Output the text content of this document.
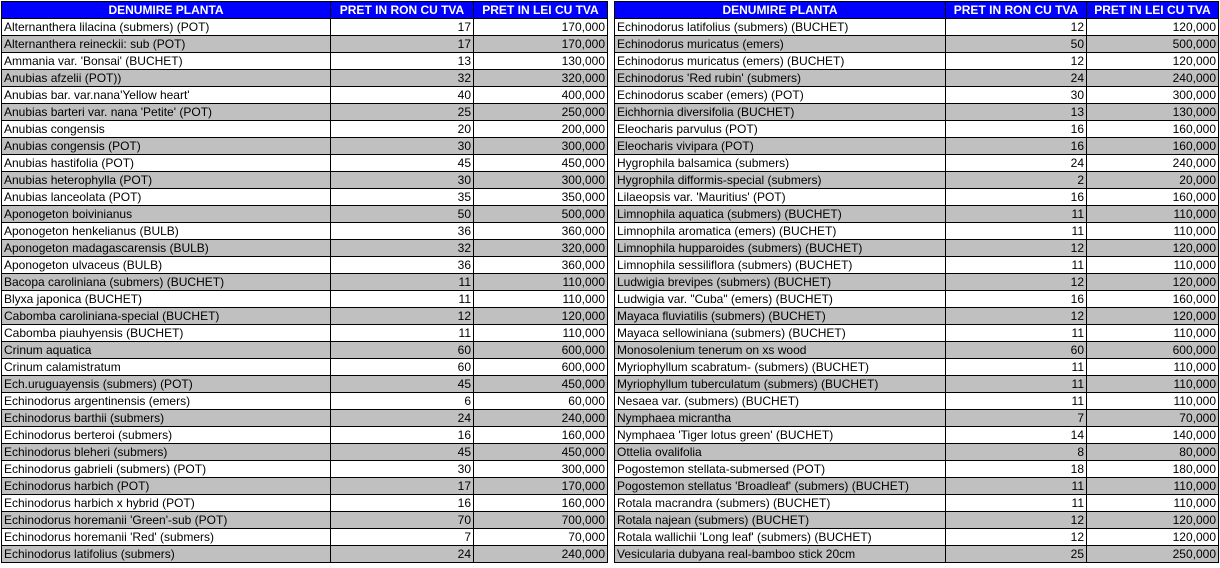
DENUMIRE PLANTA	PRET IN RON CU TVA	PRET IN LEI CU TVA
Alternanthera lilacina (submers) (POT)	17	170,000
Alternanthera reineckii: sub (POT)	17	170,000
Ammania var. 'Bonsai' (BUCHET)	13	130,000
Anubias afzelii (POT))	32	320,000
Anubias bar. var.nana'Yellow heart'	40	400,000
Anubias barteri var. nana 'Petite' (POT)	25	250,000
Anubias congensis	20	200,000
Anubias congensis (POT)	30	300,000
Anubias hastifolia (POT)	45	450,000
Anubias heterophylla (POT)	30	300,000
Anubias lanceolata (POT)	35	350,000
Aponogeton boivinianus	50	500,000
Aponogeton henkelianus (BULB)	36	360,000
Aponogeton madagascarensis (BULB)	32	320,000
Aponogeton ulvaceus (BULB)	36	360,000
Bacopa caroliniana (submers) (BUCHET)	11	110,000
Blyxa japonica (BUCHET)	11	110,000
Cabomba caroliniana-special (BUCHET)	12	120,000
Cabomba piauhyensis (BUCHET)	11	110,000
Crinum aquatica	60	600,000
Crinum calamistratum	60	600,000
Ech.uruguayensis (submers) (POT)	45	450,000
Echinodorus argentinensis (emers)	6	60,000
Echinodorus barthii (submers)	24	240,000
Echinodorus berteroi (submers)	16	160,000
Echinodorus bleheri (submers)	45	450,000
Echinodorus gabrieli (submers) (POT)	30	300,000
Echinodorus harbich (POT)	17	170,000
Echinodorus harbich x hybrid (POT)	16	160,000
Echinodorus horemanii 'Green'-sub (POT)	70	700,000
Echinodorus horemanii 'Red' (submers)	7	70,000
Echinodorus latifolius (submers)	24	240,000
DENUMIRE PLANTA	PRET IN RON CU TVA	PRET IN LEI CU TVA
Echinodorus latifolius (submers) (BUCHET)	12	120,000
Echinodorus muricatus (emers)	50	500,000
Echinodorus muricatus (emers) (BUCHET)	12	120,000
Echinodorus 'Red rubin' (submers)	24	240,000
Echinodorus scaber (emers) (POT)	30	300,000
Eichhornia diversifolia (BUCHET)	13	130,000
Eleocharis parvulus (POT)	16	160,000
Eleocharis vivipara (POT)	16	160,000
Hygrophila balsamica (submers)	24	240,000
Hygrophila difformis-special (submers)	2	20,000
Lilaeopsis var. 'Mauritius' (POT)	16	160,000
Limnophila aquatica (submers) (BUCHET)	11	110,000
Limnophila aromatica (emers) (BUCHET)	11	110,000
Limnophila hupparoides (submers) (BUCHET)	12	120,000
Limnophila sessiliflora (submers) (BUCHET)	11	110,000
Ludwigia brevipes (submers) (BUCHET)	12	120,000
Ludwigia var. "Cuba" (emers) (BUCHET)	16	160,000
Mayaca fluviatilis (submers) (BUCHET)	12	120,000
Mayaca sellowiniana (submers) (BUCHET)	11	110,000
Monosolenium tenerum on xs wood	60	600,000
Myriophyllum scabratum- (submers) (BUCHET)	11	110,000
Myriophyllum tuberculatum (submers) (BUCHET)	11	110,000
Nesaea var. (submers) (BUCHET)	11	110,000
Nymphaea micrantha	7	70,000
Nymphaea 'Tiger lotus green' (BUCHET)	14	140,000
Ottelia ovalifolia	8	80,000
Pogostemon stellata-submersed (POT)	18	180,000
Pogostemon stellatus 'Broadleaf' (submers) (BUCHET)	11	110,000
Rotala macrandra (submers) (BUCHET)	11	110,000
Rotala najean (submers) (BUCHET)	12	120,000
Rotala wallichii 'Long leaf' (submers) (BUCHET)	12	120,000
Vesicularia dubyana real-bamboo stick 20cm	25	250,000
